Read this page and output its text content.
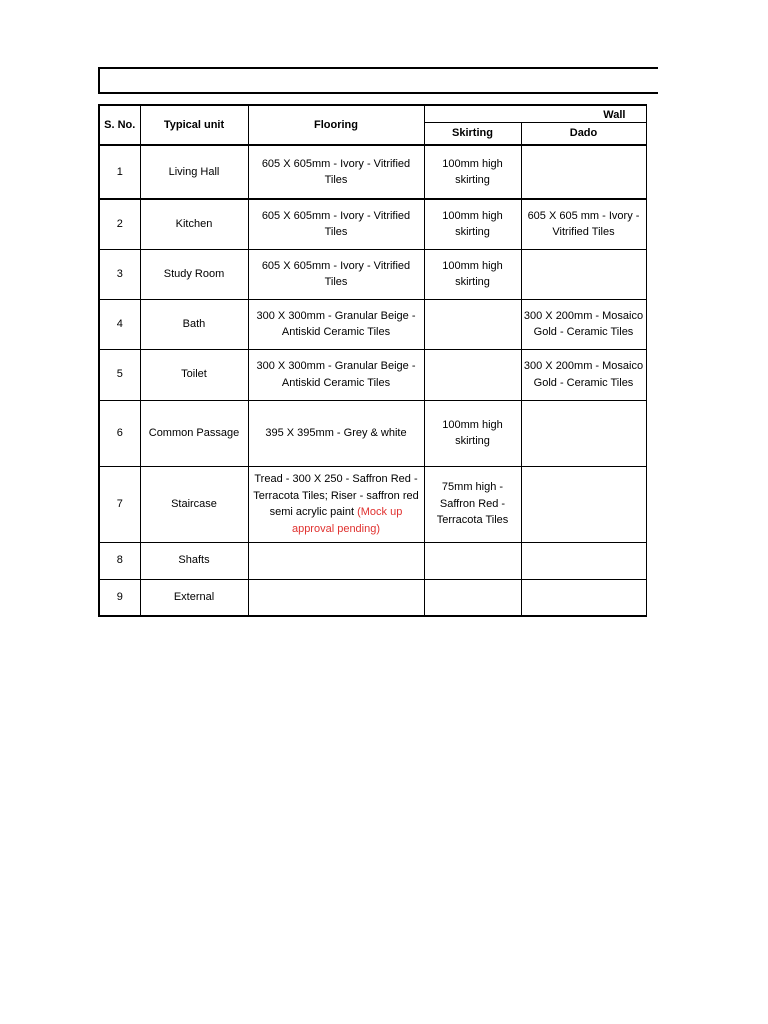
S. No.	Typical unit	Flooring	Wall	
			Skirting	Dado
1	Living Hall	605 X 605mm - Ivory - Vitrified Tiles	100mm high skirting	
2	Kitchen	605 X 605mm - Ivory - Vitrified Tiles	100mm high skirting	605 X 605 mm - Ivory - Vitrified Tiles
3	Study Room	605 X 605mm - Ivory - Vitrified Tiles	100mm high skirting	
4	Bath	300 X 300mm - Granular Beige - Antiskid Ceramic Tiles		300 X 200mm - Mosaico Gold - Ceramic Tiles
5	Toilet	300 X 300mm - Granular Beige - Antiskid Ceramic Tiles		300 X 200mm - Mosaico Gold - Ceramic Tiles
6	Common Passage	395 X 395mm - Grey & white	100mm high skirting	
7	Staircase	Tread - 300 X 250 - Saffron Red - Terracota Tiles; Riser - saffron red semi acrylic paint (Mock up approval pending)	75mm high - Saffron Red - Terracota Tiles	
8	Shafts			
9	External			
